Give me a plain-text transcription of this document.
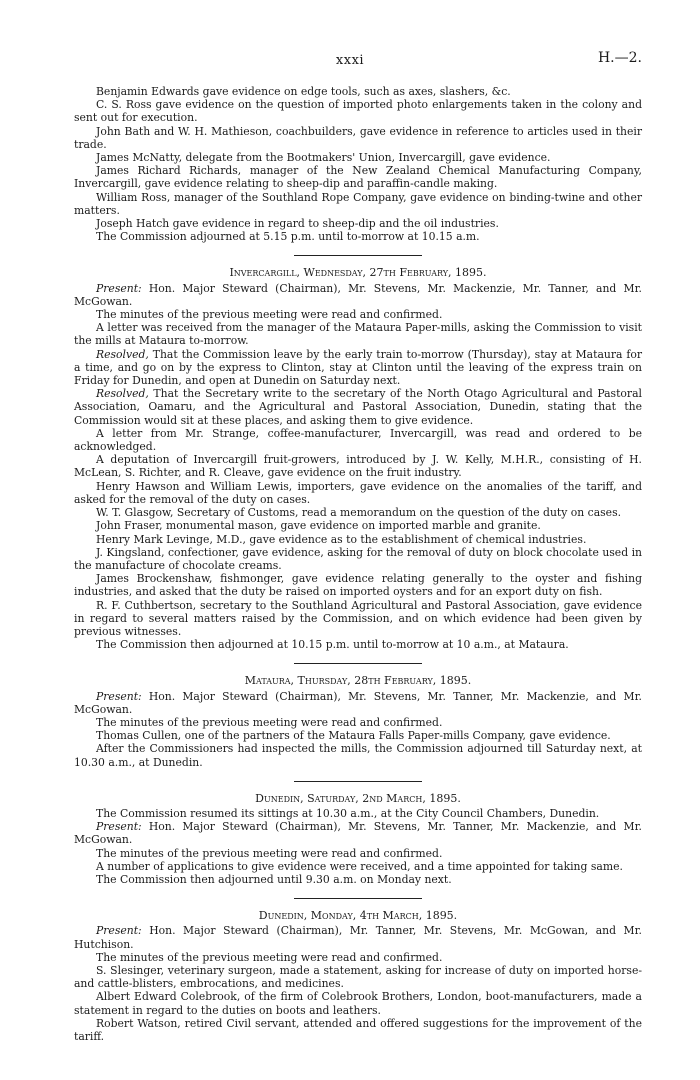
xxxi	H.—2.

Benjamin Edwards gave evidence on edge tools, such as axes, slashers, &c.

C. S. Ross gave evidence on the question of imported photo enlargements taken in the colony and sent out for execution.

John Bath and W. H. Mathieson, coachbuilders, gave evidence in reference to articles used in their trade.

James McNatty, delegate from the Bootmakers' Union, Invercargill, gave evidence.

James Richard Richards, manager of the New Zealand Chemical Manufacturing Company, Invercargill, gave evidence relating to sheep-dip and paraffin-candle making.

William Ross, manager of the Southland Rope Company, gave evidence on binding-twine and other matters.

Joseph Hatch gave evidence in regard to sheep-dip and the oil industries.

The Commission adjourned at 5.15 p.m. until to-morrow at 10.15 a.m.

Invercargill, Wednesday, 27th February, 1895.

Present: Hon. Major Steward (Chairman), Mr. Stevens, Mr. Mackenzie, Mr. Tanner, and Mr. McGowan.

The minutes of the previous meeting were read and confirmed.

A letter was received from the manager of the Mataura Paper-mills, asking the Commission to visit the mills at Mataura to-morrow.

Resolved, That the Commission leave by the early train to-morrow (Thursday), stay at Mataura for a time, and go on by the express to Clinton, stay at Clinton until the leaving of the express train on Friday for Dunedin, and open at Dunedin on Saturday next.

Resolved, That the Secretary write to the secretary of the North Otago Agricultural and Pastoral Association, Oamaru, and the Agricultural and Pastoral Association, Dunedin, stating that the Commission would sit at these places, and asking them to give evidence.

A letter from Mr. Strange, coffee-manufacturer, Invercargill, was read and ordered to be acknowledged.

A deputation of Invercargill fruit-growers, introduced by J. W. Kelly, M.H.R., consisting of H. McLean, S. Richter, and R. Cleave, gave evidence on the fruit industry.

Henry Hawson and William Lewis, importers, gave evidence on the anomalies of the tariff, and asked for the removal of the duty on cases.

W. T. Glasgow, Secretary of Customs, read a memorandum on the question of the duty on cases.

John Fraser, monumental mason, gave evidence on imported marble and granite.

Henry Mark Levinge, M.D., gave evidence as to the establishment of chemical industries.

J. Kingsland, confectioner, gave evidence, asking for the removal of duty on block chocolate used in the manufacture of chocolate creams.

James Brockenshaw, fishmonger, gave evidence relating generally to the oyster and fishing industries, and asked that the duty be raised on imported oysters and for an export duty on fish.

R. F. Cuthbertson, secretary to the Southland Agricultural and Pastoral Association, gave evidence in regard to several matters raised by the Commission, and on which evidence had been given by previous witnesses.

The Commission then adjourned at 10.15 p.m. until to-morrow at 10 a.m., at Mataura.

Mataura, Thursday, 28th February, 1895.

Present: Hon. Major Steward (Chairman), Mr. Stevens, Mr. Tanner, Mr. Mackenzie, and Mr. McGowan.

The minutes of the previous meeting were read and confirmed.

Thomas Cullen, one of the partners of the Mataura Falls Paper-mills Company, gave evidence.

After the Commissioners had inspected the mills, the Commission adjourned till Saturday next, at 10.30 a.m., at Dunedin.

Dunedin, Saturday, 2nd March, 1895.

The Commission resumed its sittings at 10.30 a.m., at the City Council Chambers, Dunedin.

Present: Hon. Major Steward (Chairman), Mr. Stevens, Mr. Tanner, Mr. Mackenzie, and Mr. McGowan.

The minutes of the previous meeting were read and confirmed.

A number of applications to give evidence were received, and a time appointed for taking same.

The Commission then adjourned until 9.30 a.m. on Monday next.

Dunedin, Monday, 4th March, 1895.

Present: Hon. Major Steward (Chairman), Mr. Tanner, Mr. Stevens, Mr. McGowan, and Mr. Hutchison.

The minutes of the previous meeting were read and confirmed.

S. Slesinger, veterinary surgeon, made a statement, asking for increase of duty on imported horse- and cattle-blisters, embrocations, and medicines.

Albert Edward Colebrook, of the firm of Colebrook Brothers, London, boot-manufacturers, made a statement in regard to the duties on boots and leathers.

Robert Watson, retired Civil servant, attended and offered suggestions for the improvement of the tariff.
